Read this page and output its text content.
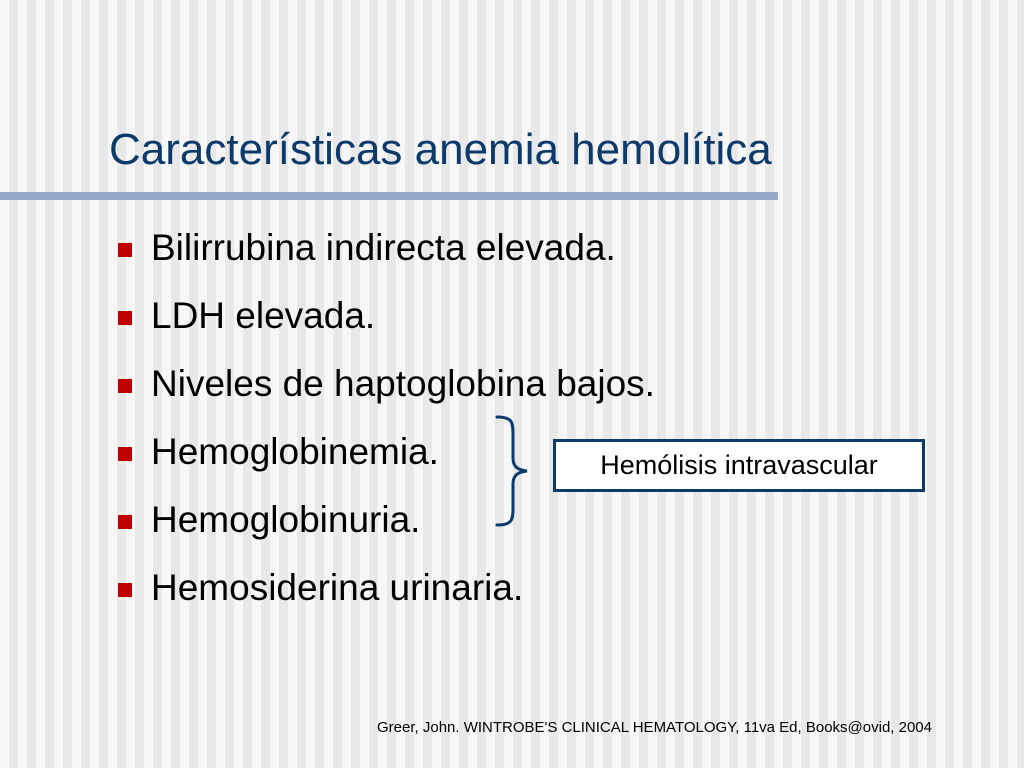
Características anemia hemolítica
Bilirrubina indirecta elevada.
LDH elevada.
Niveles de haptoglobina bajos.
Hemoglobinemia.
Hemoglobinuria.
Hemosiderina urinaria.
Hemólisis intravascular
Greer, John. WINTROBE'S CLINICAL HEMATOLOGY, 11va Ed, Books@ovid, 2004
